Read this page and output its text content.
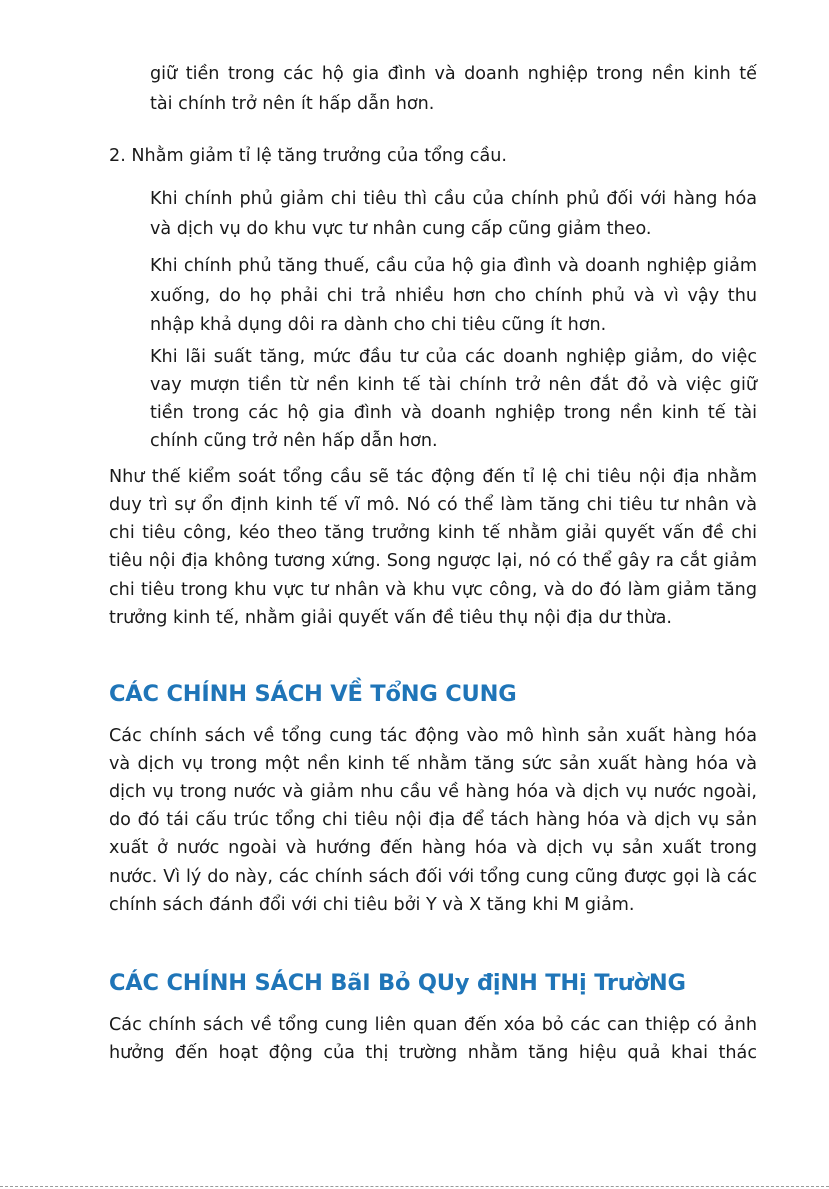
giữ tiền trong các hộ gia đình và doanh nghiệp trong nền kinh tế

tài chính trở nên ít hấp dẫn hơn.

2. Nhằm giảm tỉ lệ tăng trưởng của tổng cầu.

Khi chính phủ giảm chi tiêu thì cầu của chính phủ đối với hàng hóa

và dịch vụ do khu vực tư nhân cung cấp cũng giảm theo.

Khi chính phủ tăng thuế, cầu của hộ gia đình và doanh nghiệp giảm

xuống, do họ phải chi trả nhiều hơn cho chính phủ và vì vậy thu

nhập khả dụng dôi ra dành cho chi tiêu cũng ít hơn.

Khi lãi suất tăng, mức đầu tư của các doanh nghiệp giảm, do việc

vay mượn tiền từ nền kinh tế tài chính trở nên đắt đỏ và việc giữ

tiền trong các hộ gia đình và doanh nghiệp trong nền kinh tế tài

chính cũng trở nên hấp dẫn hơn.

Như thế kiểm soát tổng cầu sẽ tác động đến tỉ lệ chi tiêu nội địa nhằm

duy trì sự ổn định kinh tế vĩ mô. Nó có thể làm tăng chi tiêu tư nhân và

chi tiêu công, kéo theo tăng trưởng kinh tế nhằm giải quyết vấn đề chi

tiêu nội địa không tương xứng. Song ngược lại, nó có thể gây ra cắt giảm

chi tiêu trong khu vực tư nhân và khu vực công, và do đó làm giảm tăng

trưởng kinh tế, nhằm giải quyết vấn đề tiêu thụ nội địa dư thừa.

CÁC CHÍNH SÁCH VỀ TổNG CUNG

Các chính sách về tổng cung tác động vào mô hình sản xuất hàng hóa

và dịch vụ trong một nền kinh tế nhằm tăng sức sản xuất hàng hóa và

dịch vụ trong nước và giảm nhu cầu về hàng hóa và dịch vụ nước ngoài,

do đó tái cấu trúc tổng chi tiêu nội địa để tách hàng hóa và dịch vụ sản

xuất ở nước ngoài và hướng đến hàng hóa và dịch vụ sản xuất trong

nước. Vì lý do này, các chính sách đối với tổng cung cũng được gọi là các

chính sách đánh đổi với chi tiêu bởi Y và X tăng khi M giảm.

CÁC CHÍNH SÁCH BãI Bỏ QUy địNH THị TrườNG

Các chính sách về tổng cung liên quan đến xóa bỏ các can thiệp có ảnh

hưởng đến hoạt động của thị trường nhằm tăng hiệu quả khai thác
